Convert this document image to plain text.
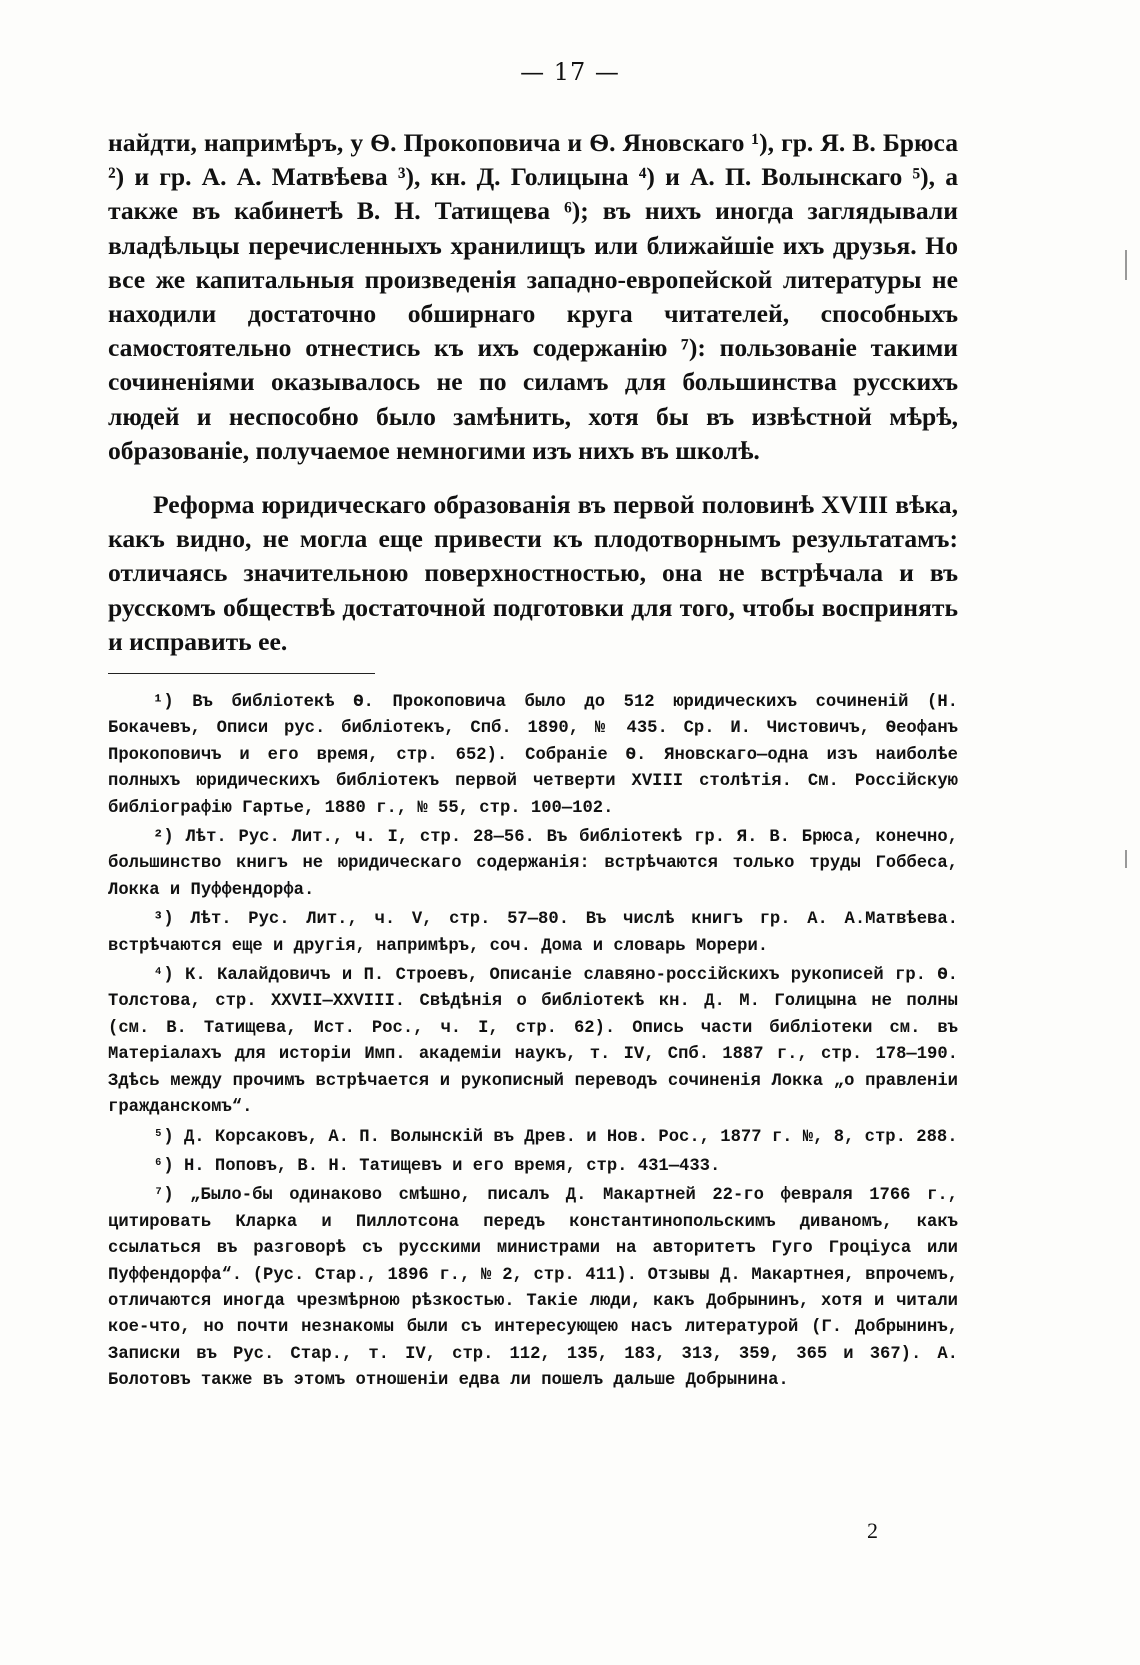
— 17 —

найдти, напримѣръ, у Ѳ. Прокоповича и Ѳ. Яновскаго ¹), гр. Я. В. Брюса ²) и гр. А. А. Матвѣева ³), кн. Д. Голицына ⁴) и А. П. Волынскаго ⁵), а также въ кабинетѣ В. Н. Татищева ⁶); въ нихъ иногда заглядывали владѣльцы перечисленныхъ хранилищъ или ближайшіе ихъ друзья. Но все же капитальныя произведенія западно-европейской литературы не находили достаточно обширнаго круга читателей, способныхъ самостоятельно отнестись къ ихъ содержанію ⁷): пользованіе такими сочиненіями оказывалось не по силамъ для большинства русскихъ людей и неспособно было замѣнить, хотя бы въ извѣстной мѣрѣ, образованіе, получаемое немногими изъ нихъ въ школѣ.

Реформа юридическаго образованія въ первой половинѣ XVIII вѣка, какъ видно, не могла еще привести къ плодотворнымъ результатамъ: отличаясь значительною поверхностностью, она не встрѣчала и въ русскомъ обществѣ достаточной подготовки для того, чтобы воспринять и исправить ее.

¹) Въ библіотекѣ Ѳ. Прокоповича было до 512 юридическихъ сочиненій (Н. Бокачевъ, Описи рус. библіотекъ, Спб. 1890, № 435. Ср. И. Чистовичъ, Ѳеофанъ Прокоповичъ и его время, стр. 652). Собраніе Ѳ. Яновскаго—одна изъ наиболѣе полныхъ юридическихъ библіотекъ первой четверти XVIII столѣтія. См. Россійскую библіографію Гартье, 1880 г., № 55, стр. 100—102.

²) Лѣт. Рус. Лит., ч. I, стр. 28—56. Въ библіотекѣ гр. Я. В. Брюса, конечно, большинство книгъ не юридическаго содержанія: встрѣчаются только труды Гоббеса, Локка и Пуффендорфа.

³) Лѣт. Рус. Лит., ч. V, стр. 57—80. Въ числѣ книгъ гр. А. А.Матвѣева. встрѣчаются еще и другія, напримѣръ, соч. Дома и словарь Морери.

⁴) К. Калайдовичъ и П. Строевъ, Описаніе славяно-россійскихъ рукописей гр. Ѳ. Толстова, стр. XXVII—XXVIII. Свѣдѣнія о библіотекѣ кн. Д. М. Голицына не полны (см. В. Татищева, Ист. Рос., ч. I, стр. 62). Опись части библіотеки см. въ Матеріалахъ для исторіи Имп. академіи наукъ, т. IV, Спб. 1887 г., стр. 178—190. Здѣсь между прочимъ встрѣчается и рукописный переводъ сочиненія Локка „о правленіи гражданскомъ“.

⁵) Д. Корсаковъ, А. П. Волынскій въ Древ. и Нов. Рос., 1877 г. №, 8, стр. 288.

⁶) Н. Поповъ, В. Н. Татищевъ и его время, стр. 431—433.

⁷) „Было-бы одинаково смѣшно, писалъ Д. Макартней 22-го февраля 1766 г., цитировать Кларка и Пиллотсона передъ константинопольскимъ диваномъ, какъ ссылаться въ разговорѣ съ русскими министрами на авторитетъ Гуго Гроціуса или Пуффендорфа“. (Рус. Стар., 1896 г., № 2, стр. 411). Отзывы Д. Макартнея, впрочемъ, отличаются иногда чрезмѣрною рѣзкостью. Такіе люди, какъ Добрынинъ, хотя и читали кое-что, но почти незнакомы были съ интересующею насъ литературой (Г. Добрынинъ, Записки въ Рус. Стар., т. IV, стр. 112, 135, 183, 313, 359, 365 и 367). А. Болотовъ также въ этомъ отношеніи едва ли пошелъ дальше Добрынина.

2
